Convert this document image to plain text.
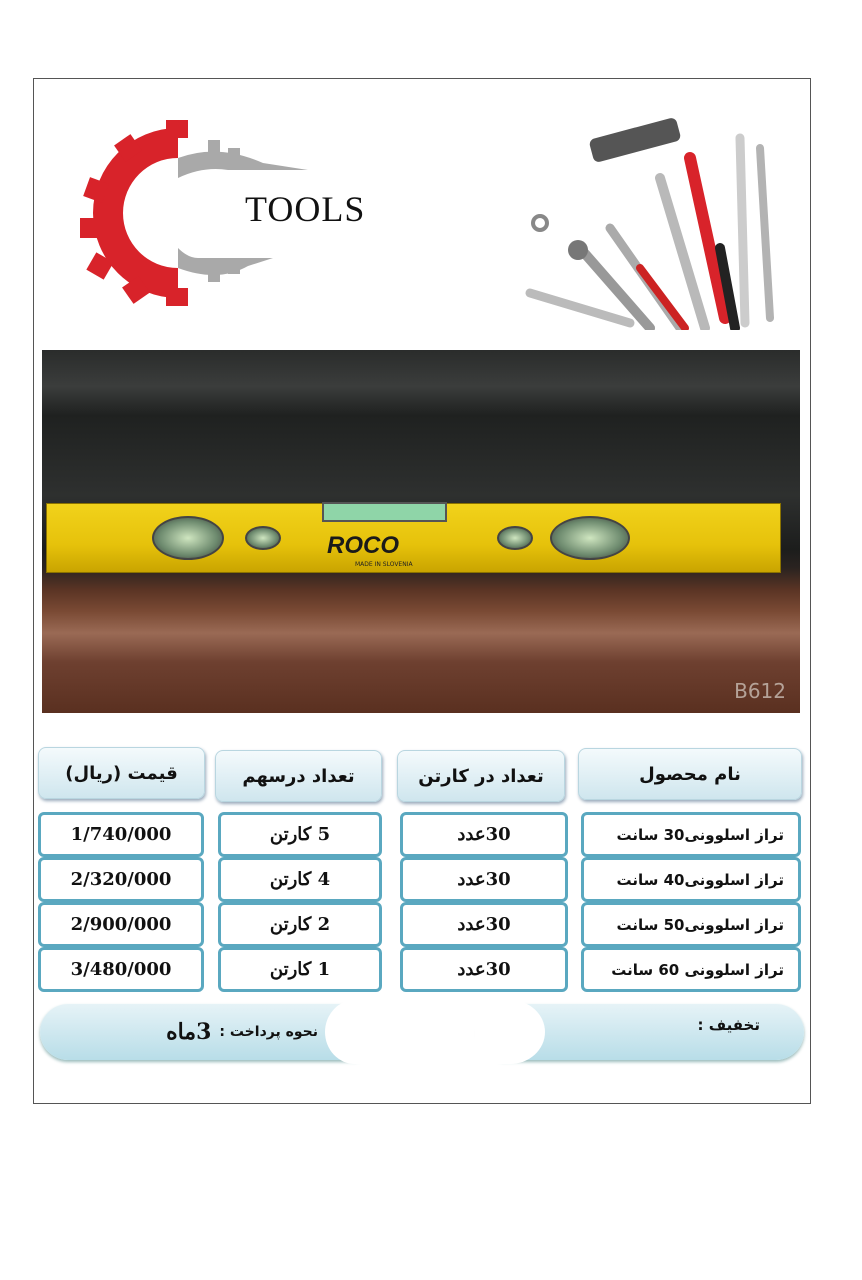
TOOLS
ROCO
MADE IN SLOVENIA
B612
نام محصول
تعداد در کارتن
تعداد درسهم
قیمت (ریال)
تراز اسلوونی30 سانت
30عدد
5 کارتن
1/740/000
تراز اسلوونی40 سانت
30عدد
4 کارتن
2/320/000
تراز اسلوونی50 سانت
30عدد
2 کارتن
2/900/000
تراز اسلوونی 60 سانت
30عدد
1 کارتن
3/480/000
تخفیف :
نحوه پرداخت :
3ماه
